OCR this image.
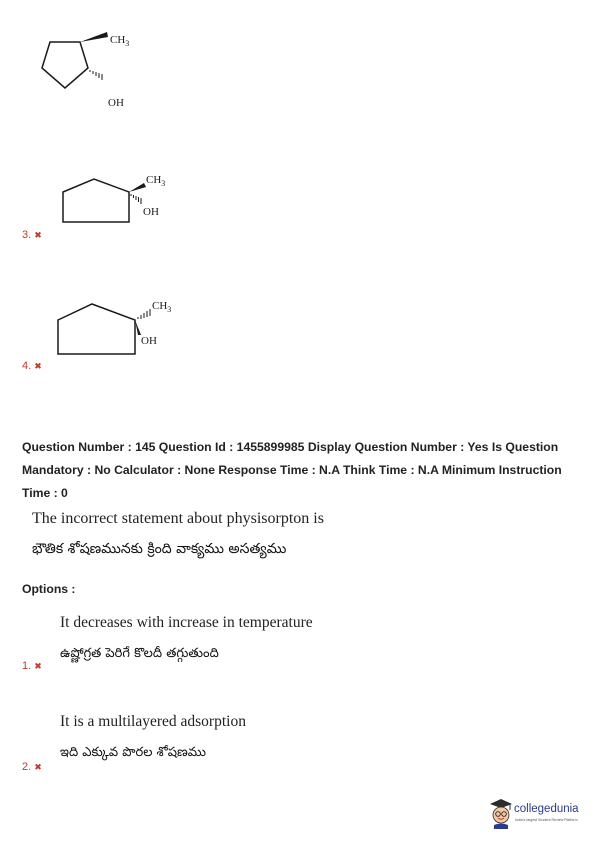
$CH_3$
OH
$CH_3$
OH
3. ✖
$CH_3$
OH
4. ✖
Question Number : 145 Question Id : 1455899985 Display Question Number : Yes Is Question Mandatory : No Calculator : None Response Time : N.A Think Time : N.A Minimum Instruction Time : 0
The incorrect statement about physisorpton is
భౌతిక శోషణమునకు క్రింది వాక్యము అసత్యము
Options :
It decreases with increase in temperature
ఉష్ణోగ్రత పెరిగే కొలదీ తగ్గుతుంది
1. ✖
It is a multilayered adsorption
ఇది ఎక్కువ పొరల శోషణము
2. ✖
collegedunia
India's largest Student Review Platform
